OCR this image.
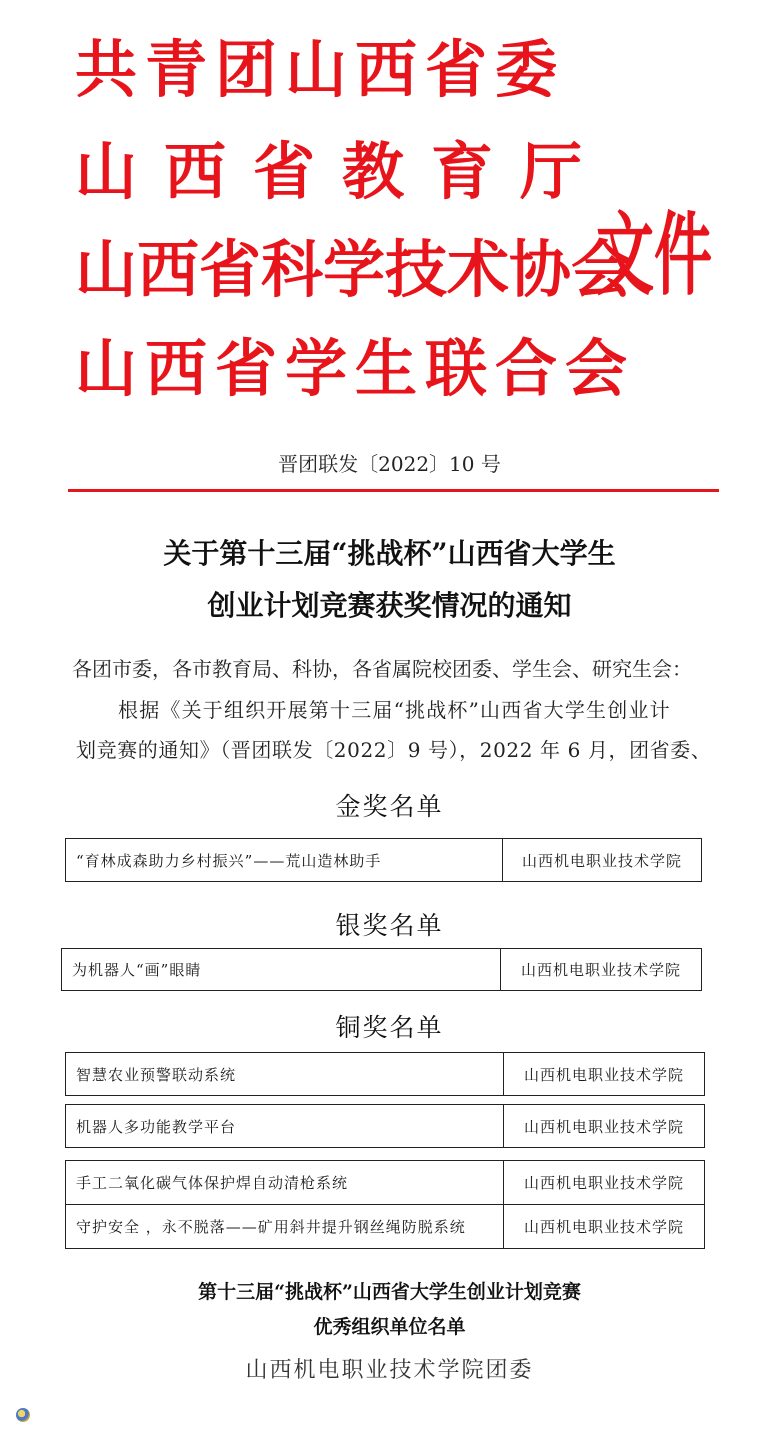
共青团山西省委
山西省教育厅
山西省科学技术协会
山西省学生联合会
文件
晋团联发〔2022〕10 号
关于第十三届“挑战杯”山西省大学生
创业计划竞赛获奖情况的通知
各团市委，各市教育局、科协，各省属院校团委、学生会、研究生会：
根据《关于组织开展第十三届“挑战杯”山西省大学生创业计
划竞赛的通知》（晋团联发〔2022〕9 号），2022 年 6 月，团省委、
金奖名单
“育林成森助力乡村振兴”——荒山造林助手	山西机电职业技术学院
银奖名单
为机器人“画”眼睛	山西机电职业技术学院
铜奖名单
智慧农业预警联动系统	山西机电职业技术学院
机器人多功能教学平台	山西机电职业技术学院
手工二氧化碳气体保护焊自动清枪系统	山西机电职业技术学院
守护安全 ，永不脱落——矿用斜井提升钢丝绳防脱系统	山西机电职业技术学院
第十三届“挑战杯”山西省大学生创业计划竞赛
优秀组织单位名单
山西机电职业技术学院团委
